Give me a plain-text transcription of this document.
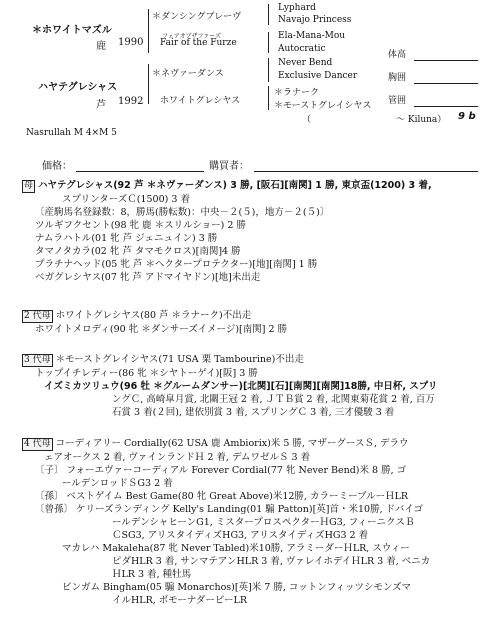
＊ホワイトマズル
鹿 1990
ハヤテグレシャス
芦 1992
＊ダンシングブレーヴ
フェアオブザファーズ
Fair of the Furze
＊ネヴァーダンス
ホワイトグレシヤス
Lyphard
Navajo Princess
Ela-Mana-Mou
Autocratic
Never Bend
Exclusive Dancer
＊ラナーク
＊モーストグレイシヤス
（	～ Kiluna） 9 b
Nasrullah M 4×M 5
体高
胸囲
管囲
価格：	購買者：

母 ハヤテグレシャス(92 芦 ＊ネヴァーダンス) 3 勝, [阪石][南関] 1 勝, 東京盃(1200) 3 着,

スプリンターズＣ(1500) 3 着

〔産駒馬名登録数：8，勝馬(勝転数)：中央－２(５)，地方－２(５)〕

ツルギフクセント(98 牝 鹿 ＊スリルショー) 2 勝

ナムラハトル(01 牝 芦 ジェニュイン) 3 勝

タマノタカラ(02 牝 芦 タマモクロス)[南関]4 勝

プラチナヘッド(05 牝 芦 ＊ヘクタープロテクター)[地][南関] 1 勝

ベガグレシヤス(07 牝 芦 アドマイヤドン)[地]未出走

2 代母 ホワイトグレシヤス(80 芦 ＊ラナーク)不出走

ホワイトメロディ(90 牝 ＊ダンサーズイメージ)[南関] 2 勝

3 代母 ＊モーストグレイシヤス(71 USA 栗 Tambourine)不出走

トップイチレディー(86 牝 ＊シヤトーゲイ)[阪] 3 勝

イズミカツリュウ(96 牡 ＊グルームダンサー)[北関][石][南関][南関]18勝, 中日杯, スプリ

ングＣ, 高崎皐月賞, 北關王冠 2 着, ＪＴＢ賞 2 着, 北関東菊花賞 2 着, 百万

石賞 3 着(２回), 建依別賞 3 着, スプリングＣ 3 着, 三才優駿 3 着

4 代母 コーディアリー Cordially(62 USA 鹿 Ambiorix)米 5 勝, マザーグースＳ, デラウ

ェアオークス 2 着, ヴァインランドＨ 2 着, デムワゼルＳ 3 着

〔子〕 フォーエヴァーコーディアル Forever Cordial(77 牝 Never Bend)米 8 勝, ゴ

ールデンロッドＳG3 2 着

〔孫〕 ベストゲイム Best Game(80 牝 Great Above)米12勝, カラーミーブルーＨLR

〔曾孫〕 ケリーズランディング Kelly's Landing(01 騸 Patton)[英]首・米10勝, ドバイゴ

ールデンシャヒーンG1, ミスタープロスペクターＨG3, フィーニクスＢ

ＣSG3, アリスタイディズHG3, アリスタイディズHG3 2 着

マカレハ Makaleha(87 牝 Never Tabled)米10勝, アラミーダーＨLR, スウィー

ピダHLR 3 着, サンマテアンHLR 3 着, ヴァレイホデイＨLR 3 着, ベニカ

ＨLR 3 着, 種牡馬

ビンガム Bingham(05 騸 Monarchos)[英]米 7 勝, コットンフィッツシモンズマ

イルHLR, ボモーナダービーLR
